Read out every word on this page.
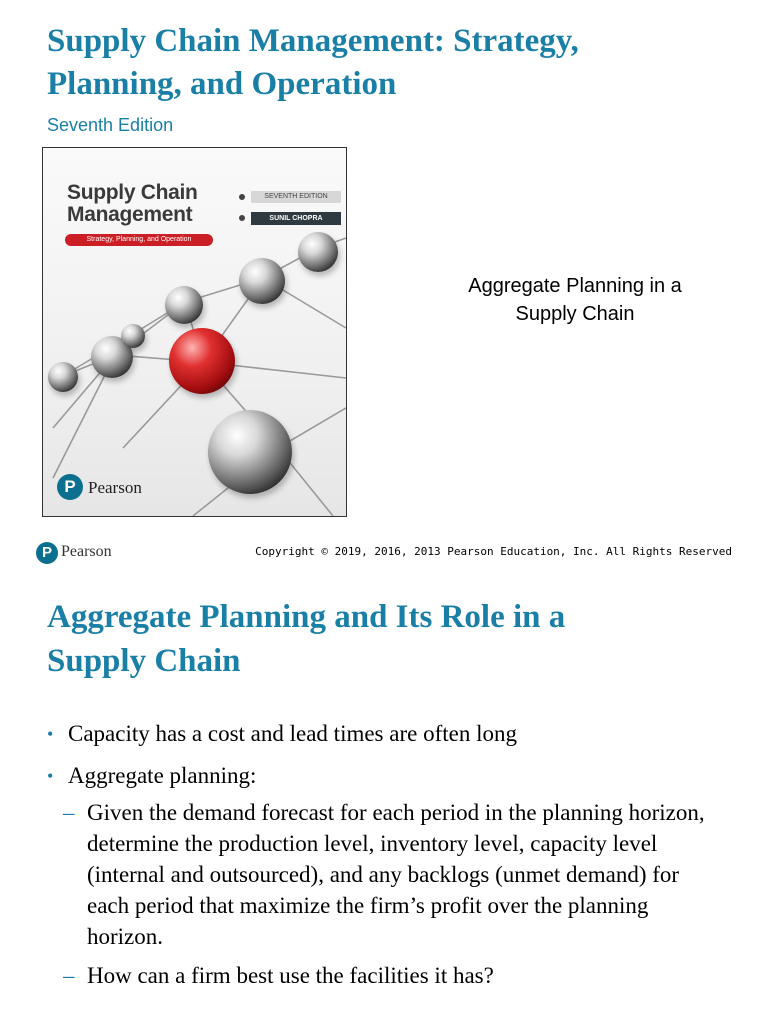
Supply Chain Management: Strategy, Planning, and Operation
Seventh Edition
Supply Chain
Management
Strategy, Planning, and Operation
SEVENTH EDITION
SUNIL CHOPRA
P Pearson
Aggregate Planning in a Supply Chain
P Pearson	Copyright © 2019, 2016, 2013 Pearson Education, Inc. All Rights Reserved
Aggregate Planning and Its Role in a Supply Chain
• Capacity has a cost and lead times are often long
• Aggregate planning:
– Given the demand forecast for each period in the planning horizon, determine the production level, inventory level, capacity level (internal and outsourced), and any backlogs (unmet demand) for each period that maximize the firm’s profit over the planning horizon.
– How can a firm best use the facilities it has?
